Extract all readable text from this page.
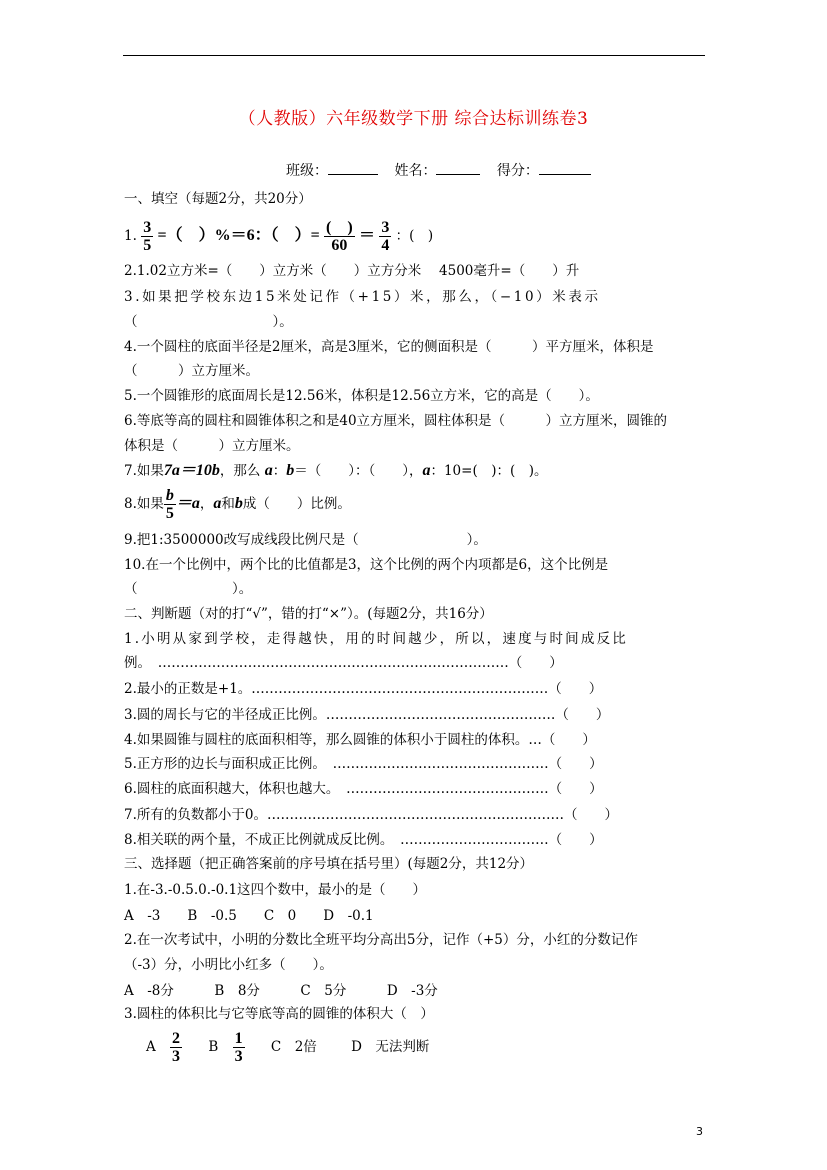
（人教版）六年级数学下册 综合达标训练卷3
班级：	姓名：	得分：
一、填空（每题2分，共20分）
1. $\frac{3}{5}$ =（　）%＝6：（　）= $\frac{( )}{60} = \frac{3}{4}$ ：(　)
2.1.02立方米=（　　）立方米（　　）立方分米　 4500毫升=（　　）升
3.如果把学校东边15米处记作（+15）米，那么，（−10）米表示
（　　　　　　　　　　）。
4.一个圆柱的底面半径是2厘米，高是3厘米，它的侧面积是（　　　）平方厘米，体积是
（　　　）立方厘米。
5.一个圆锥形的底面周长是12.56米，体积是12.56立方米，它的高是（　　）。
6.等底等高的圆柱和圆锥体积之和是40立方厘米，圆柱体积是（　　　）立方厘米，圆锥的
体积是（　　　）立方厘米。
7.如果7a＝10b，那么 a：b＝（　　）：（　　），a：10=(　)：(　)。
8.如果 $\frac{b}{5} =a$，a和b成（　　）比例。
9.把1:3500000改写成线段比例尺是（　　　　　　　　）。
10.在一个比例中，两个比的比值都是3，这个比例的两个内项都是6，这个比例是
（　　　　　　　）。
二、判断题（对的打“√”，错的打“×”）。(每题2分，共16分）
1.小明从家到学校，走得越快，用的时间越少，所以，速度与时间成反比
例。　……………………………………………………………………（　　）
2.最小的正数是+1。…………………………………………………………（　　）
3.圆的周长与它的半径成正比例。……………………………………………（　　）
4.如果圆锥与圆柱的底面积相等，那么圆锥的体积小于圆柱的体积。…（　　）
5.正方形的边长与面积成正比例。　…………………………………………（　　）
6.圆柱的底面积越大，体积也越大。　………………………………………（　　）
7.所有的负数都小于0。…………………………………………………………（　　）
8.相关联的两个量，不成正比例就成反比例。　……………………………（　　）
三、选择题（把正确答案前的序号填在括号里）(每题2分，共12分）
1.在-3.-0.5.0.-0.1这四个数中，最小的是（　　）
A　-3　　B　-0.5　　C　0　　D　-0.1
2.在一次考试中，小明的分数比全班平均分高出5分，记作（+5）分，小红的分数记作
（-3）分，小明比小红多（　　）。
A　-8分　　　B　8分　　　C　5分　　　D　-3分
3.圆柱的体积比与它等底等高的圆锥的体积大（　）
A $\frac{2}{3}$ B $\frac{1}{3}$ C　2倍	D　无法判断
3
